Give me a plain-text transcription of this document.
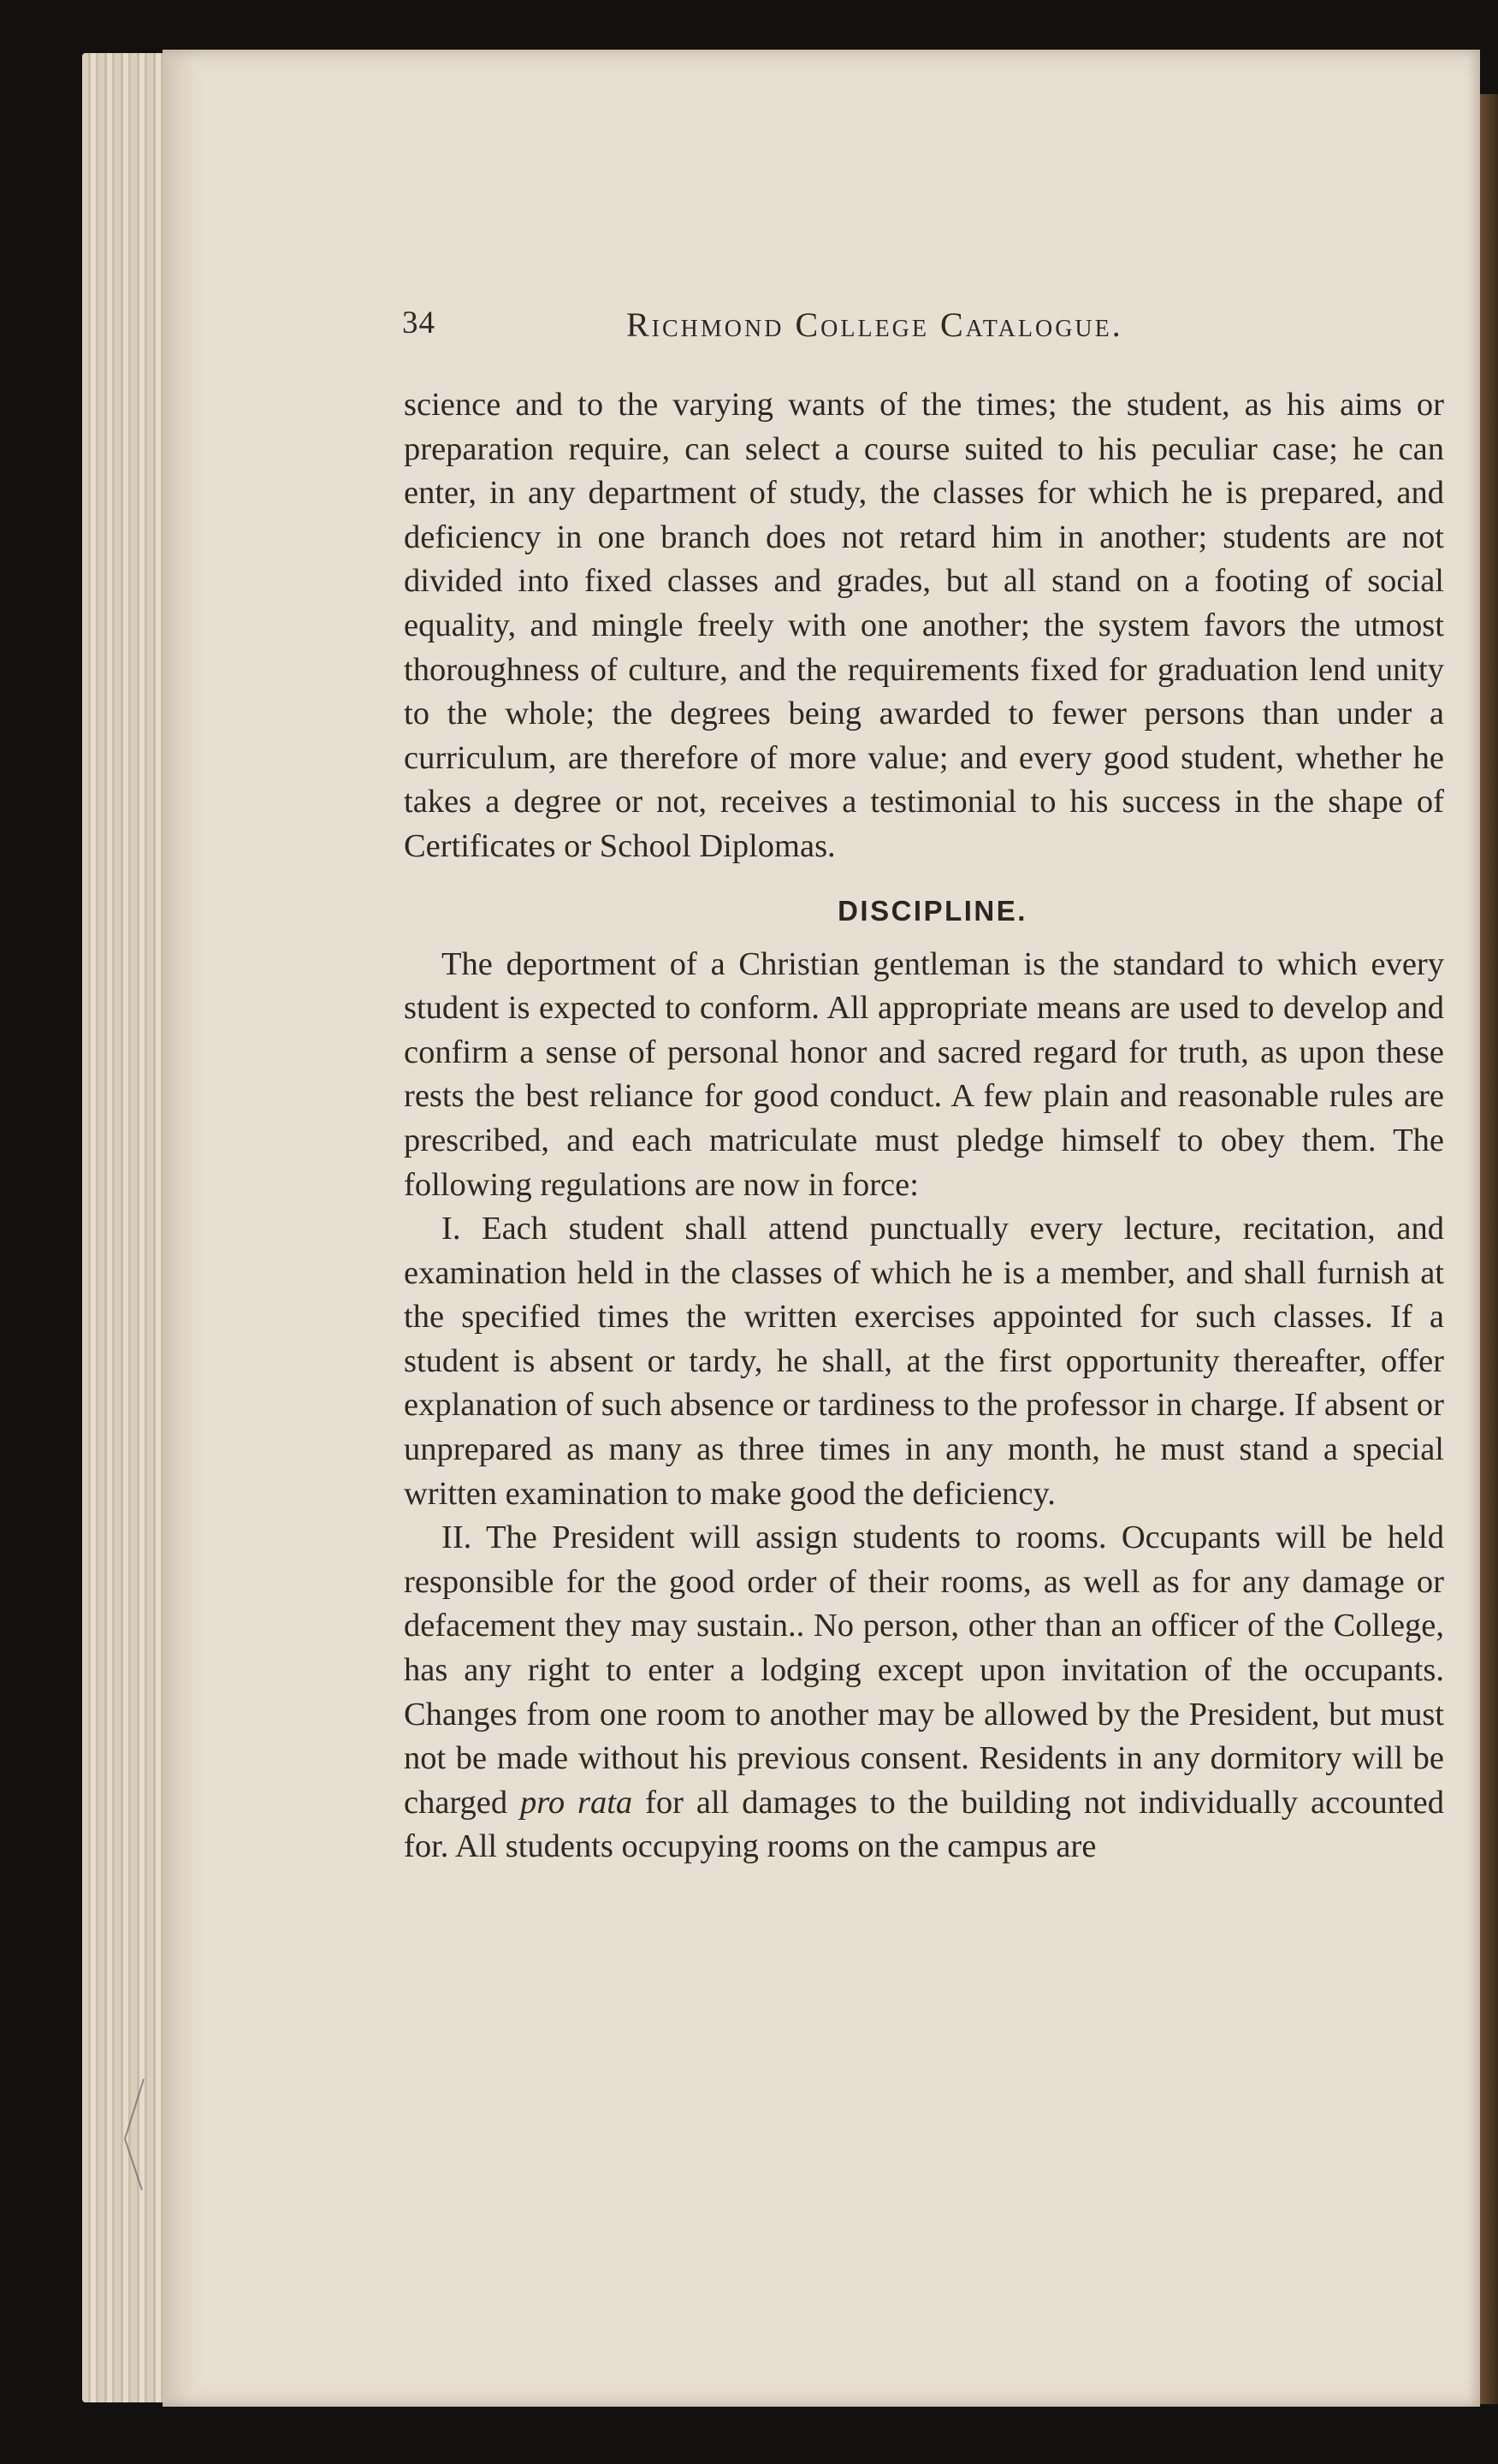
34	Richmond College Catalogue.

science and to the varying wants of the times; the student, as his aims or preparation require, can select a course suited to his peculiar case; he can enter, in any department of study, the classes for which he is prepared, and deficiency in one branch does not retard him in another; students are not divided into fixed classes and grades, but all stand on a footing of social equality, and mingle freely with one another; the system favors the utmost thoroughness of culture, and the requirements fixed for graduation lend unity to the whole; the degrees being awarded to fewer persons than under a curriculum, are therefore of more value; and every good student, whether he takes a degree or not, receives a testimonial to his success in the shape of Certificates or School Diplomas.

DISCIPLINE.

The deportment of a Christian gentleman is the standard to which every student is expected to conform. All appropriate means are used to develop and confirm a sense of personal honor and sacred regard for truth, as upon these rests the best reliance for good conduct. A few plain and reasonable rules are prescribed, and each matriculate must pledge himself to obey them. The following regulations are now in force:

I. Each student shall attend punctually every lecture, recitation, and examination held in the classes of which he is a member, and shall furnish at the specified times the written exercises appointed for such classes. If a student is absent or tardy, he shall, at the first opportunity thereafter, offer explanation of such absence or tardiness to the professor in charge. If absent or unprepared as many as three times in any month, he must stand a special written examination to make good the deficiency.

II. The President will assign students to rooms. Occupants will be held responsible for the good order of their rooms, as well as for any damage or defacement they may sustain.. No person, other than an officer of the College, has any right to enter a lodging except upon invitation of the occupants. Changes from one room to another may be allowed by the President, but must not be made without his previous consent. Residents in any dormitory will be charged pro rata for all damages to the building not individually accounted for. All students occupying rooms on the campus are
